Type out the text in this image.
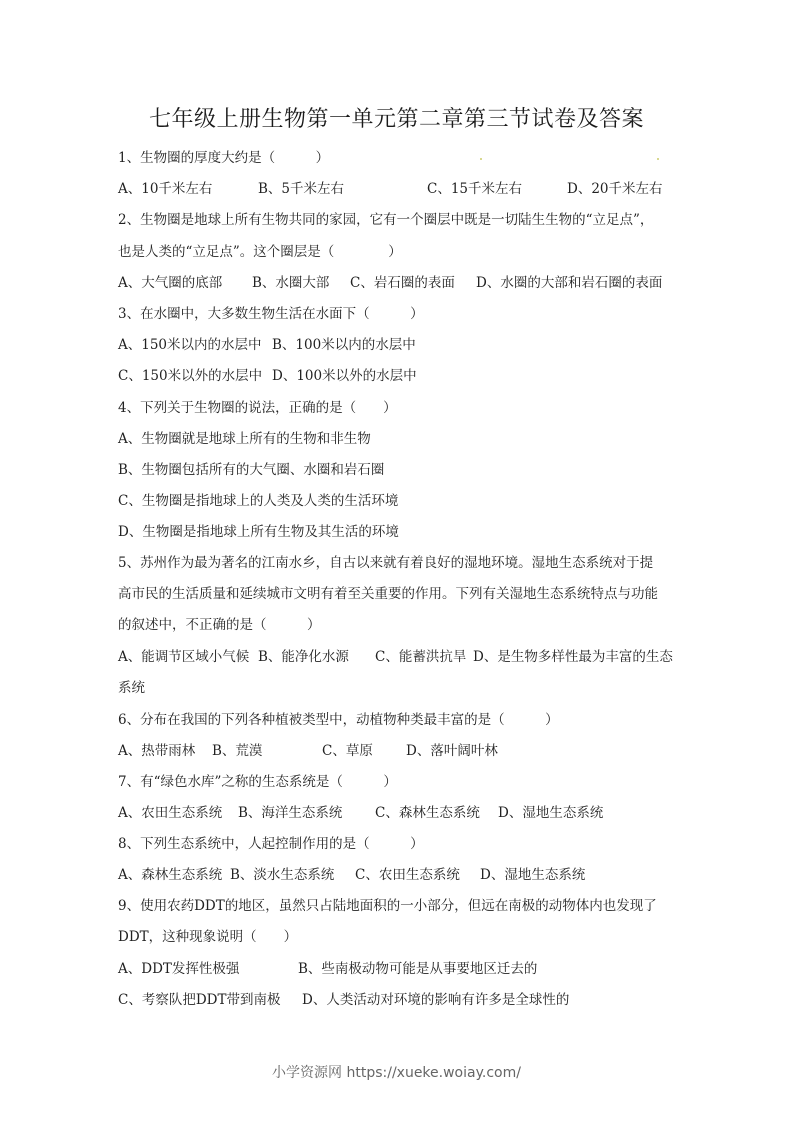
七年级上册生物第一单元第二章第三节试卷及答案
1、生物圈的厚度大约是（　　　）
A、10千米左右	B、5千米左右	C、15千米左右	D、20千米左右
2、生物圈是地球上所有生物共同的家园，它有一个圈层中既是一切陆生生物的“立足点”，
也是人类的“立足点”。这个圈层是（　　　　）
A、大气圈的底部 B、水圈大部 C、岩石圈的表面 D、水圈的大部和岩石圈的表面
3、在水圈中，大多数生物生活在水面下（　　　）
A、150米以内的水层中 B、100米以内的水层中
C、150米以外的水层中 D、100米以外的水层中
4、下列关于生物圈的说法，正确的是（　　）
A、生物圈就是地球上所有的生物和非生物
B、生物圈包括所有的大气圈、水圈和岩石圈
C、生物圈是指地球上的人类及人类的生活环境
D、生物圈是指地球上所有生物及其生活的环境
5、苏州作为最为著名的江南水乡，自古以来就有着良好的湿地环境。湿地生态系统对于提
高市民的生活质量和延续城市文明有着至关重要的作用。下列有关湿地生态系统特点与功能
的叙述中，不正确的是（　　　）
A、能调节区域小气候 B、能净化水源 C、能蓄洪抗旱 D、是生物多样性最为丰富的生态
系统
6、分布在我国的下列各种植被类型中，动植物种类最丰富的是（　　　）
A、热带雨林 B、荒漠	C、草原 D、落叶阔叶林
7、有“绿色水库”之称的生态系统是（　　　）
A、农田生态系统 B、海洋生态系统 C、森林生态系统 D、湿地生态系统
8、下列生态系统中，人起控制作用的是（　　　）
A、森林生态系统 B、淡水生态系统 C、农田生态系统 D、湿地生态系统
9、使用农药DDT的地区，虽然只占陆地面积的一小部分，但远在南极的动物体内也发现了
DDT，这种现象说明（　　）
A、DDT发挥性极强	B、些南极动物可能是从事要地区迁去的
C、考察队把DDT带到南极 D、人类活动对环境的影响有许多是全球性的
小学资源网 https://xueke.woiay.com/
